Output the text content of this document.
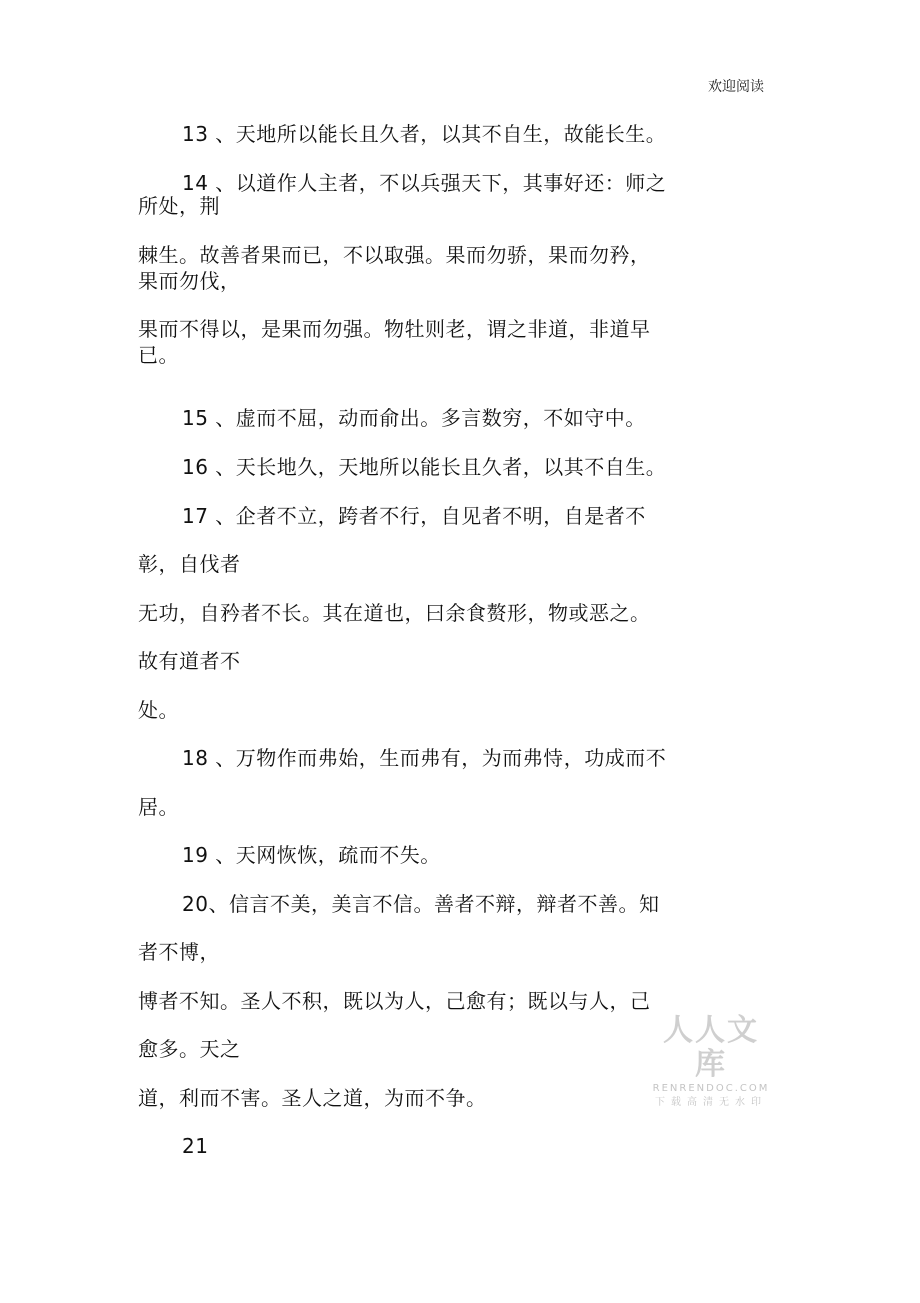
欢迎阅读
13 、天地所以能长且久者，以其不自生，故能长生。
14 、以道作人主者，不以兵强天下，其事好还：师之
所处，荆
棘生。故善者果而已，不以取强。果而勿骄，果而勿矜，
果而勿伐，
果而不得以，是果而勿强。物牡则老，谓之非道，非道早
已。
15 、虚而不屈，动而俞出。多言数穷，不如守中。
16 、天长地久，天地所以能长且久者，以其不自生。
17 、企者不立，跨者不行，自见者不明，自是者不
彰，自伐者
无功，自矜者不长。其在道也，曰余食赘形，物或恶之。
故有道者不
处。
18 、万物作而弗始，生而弗有，为而弗恃，功成而不
居。
19 、天网恢恢，疏而不失。
20、信言不美，美言不信。善者不辩，辩者不善。知
者不博，
博者不知。圣人不积，既以为人，己愈有；既以与人，己
愈多。天之
道，利而不害。圣人之道，为而不争。
21
人人文库
RENRENDOC.COM
下载高清无水印
